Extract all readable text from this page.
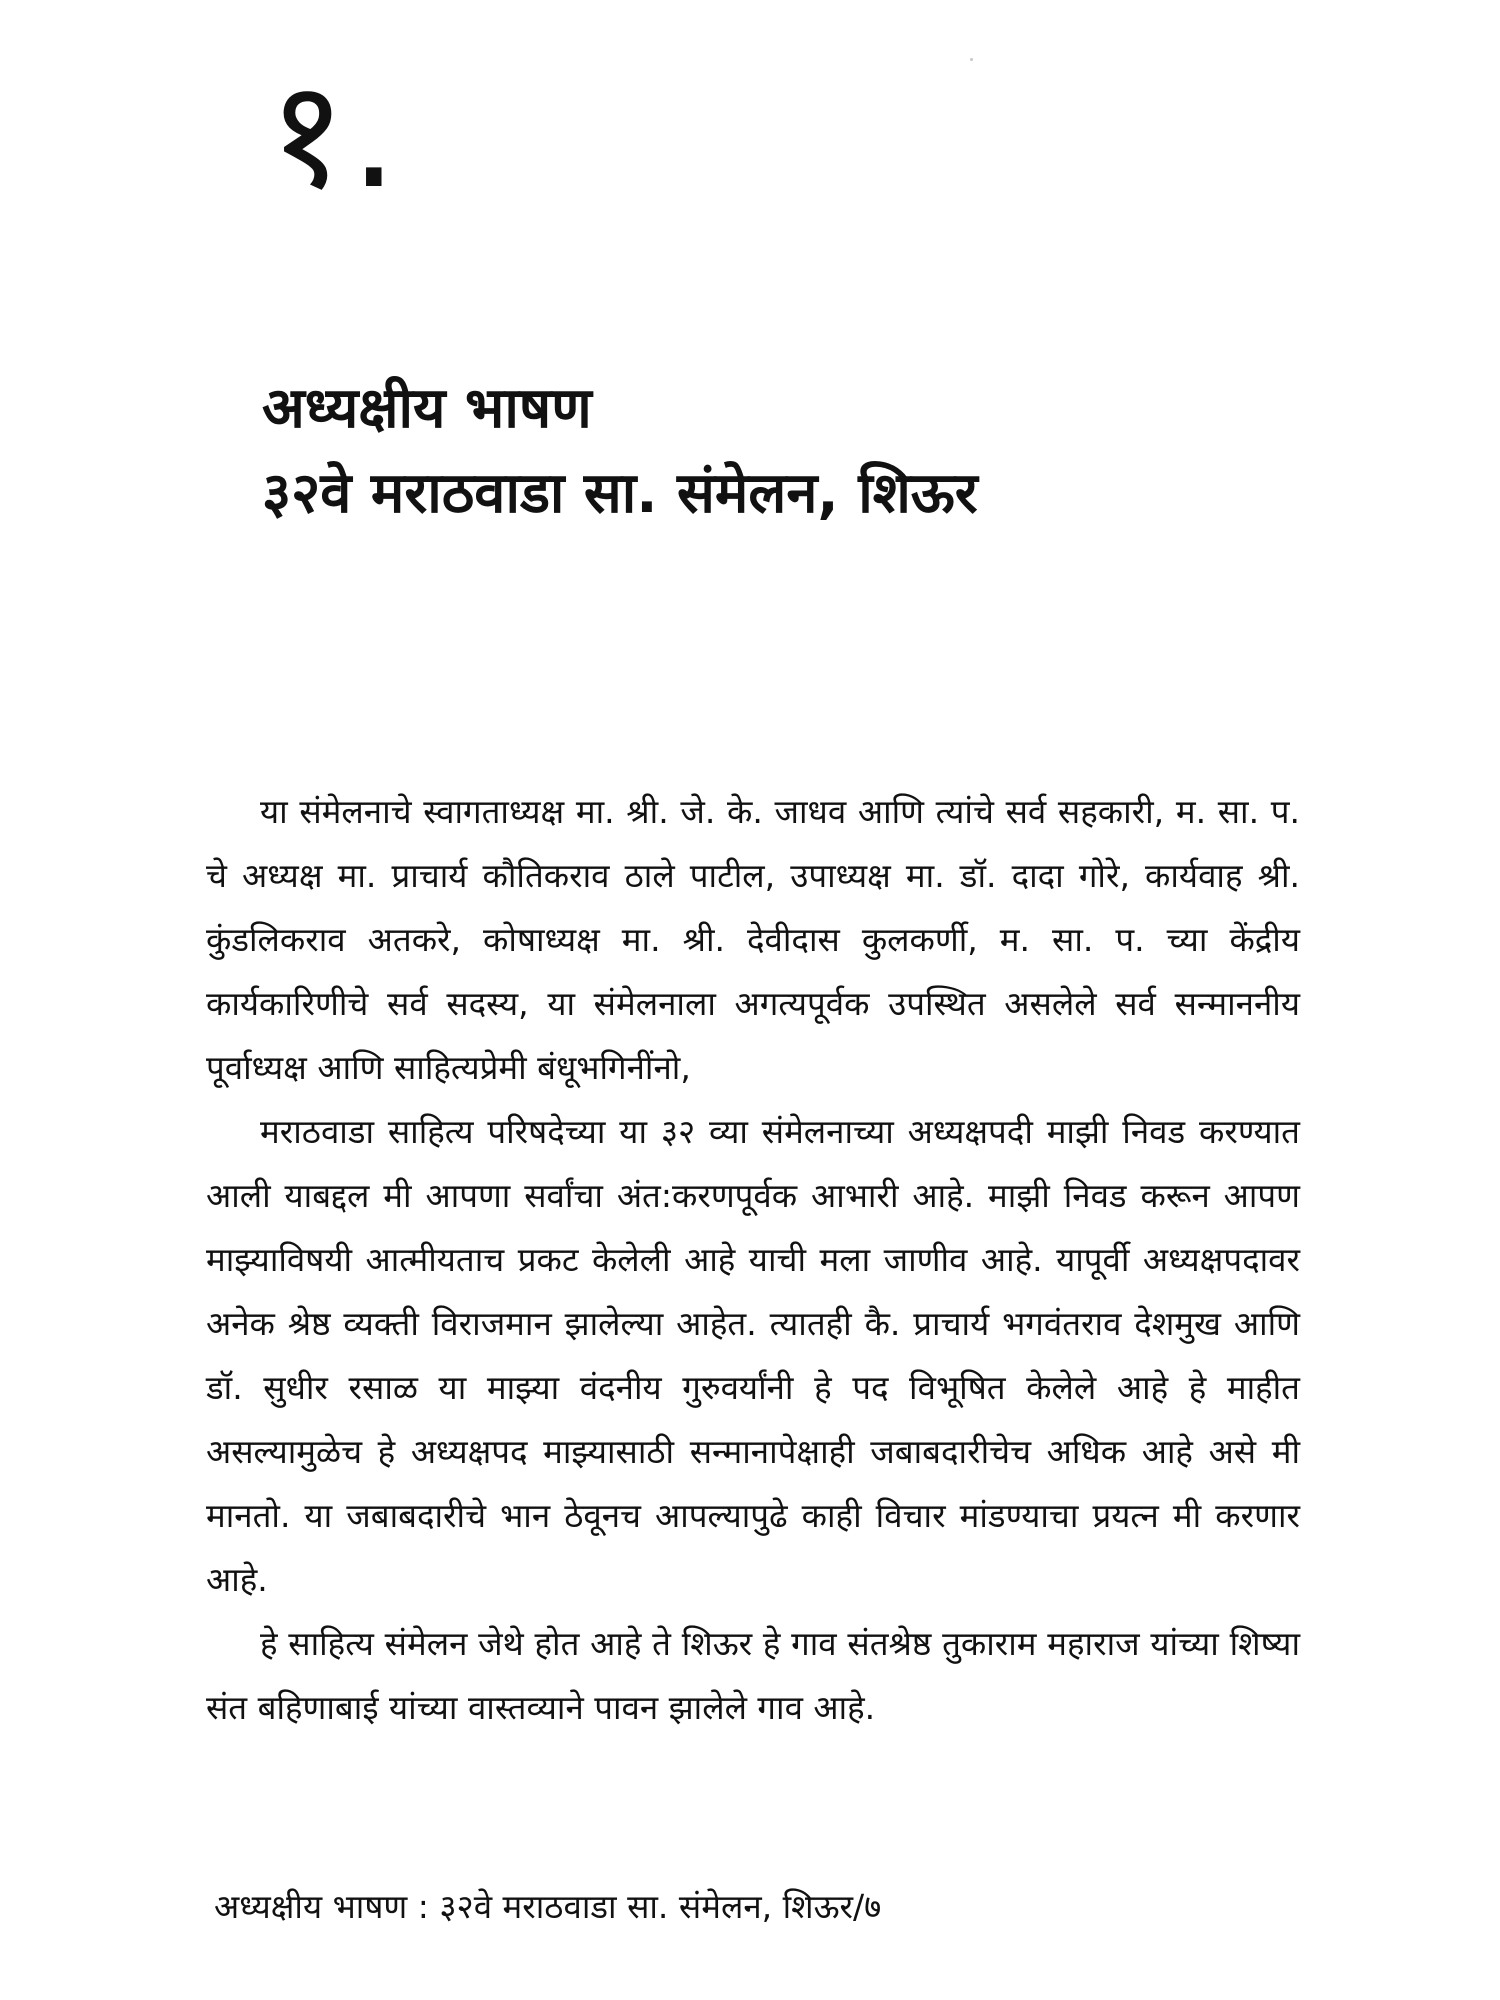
१.
अध्यक्षीय भाषण
३२वे मराठवाडा सा. संमेलन, शिऊर

या संमेलनाचे स्वागताध्यक्ष मा. श्री. जे. के. जाधव आणि त्यांचे सर्व सहकारी, म. सा. प. चे अध्यक्ष मा. प्राचार्य कौतिकराव ठाले पाटील, उपाध्यक्ष मा. डॉ. दादा गोरे, कार्यवाह श्री. कुंडलिकराव अतकरे, कोषाध्यक्ष मा. श्री. देवीदास कुलकर्णी, म. सा. प. च्या केंद्रीय कार्यकारिणीचे सर्व सदस्य, या संमेलनाला अगत्यपूर्वक उपस्थित असलेले सर्व सन्माननीय पूर्वाध्यक्ष आणि साहित्यप्रेमी बंधूभगिनींनो,

मराठवाडा साहित्य परिषदेच्या या ३२ व्या संमेलनाच्या अध्यक्षपदी माझी निवड करण्यात आली याबद्दल मी आपणा सर्वांचा अंत:करणपूर्वक आभारी आहे. माझी निवड करून आपण माझ्याविषयी आत्मीयताच प्रकट केलेली आहे याची मला जाणीव आहे. यापूर्वी अध्यक्षपदावर अनेक श्रेष्ठ व्यक्ती विराजमान झालेल्या आहेत. त्यातही कै. प्राचार्य भगवंतराव देशमुख आणि डॉ. सुधीर रसाळ या माझ्या वंदनीय गुरुवर्यांनी हे पद विभूषित केलेले आहे हे माहीत असल्यामुळेच हे अध्यक्षपद माझ्यासाठी सन्मानापेक्षाही जबाबदारीचेच अधिक आहे असे मी मानतो. या जबाबदारीचे भान ठेवूनच आपल्यापुढे काही विचार मांडण्याचा प्रयत्न मी करणार आहे.

हे साहित्य संमेलन जेथे होत आहे ते शिऊर हे गाव संतश्रेष्ठ तुकाराम महाराज यांच्या शिष्या संत बहिणाबाई यांच्या वास्तव्याने पावन झालेले गाव आहे.

अध्यक्षीय भाषण : ३२वे मराठवाडा सा. संमेलन, शिऊर/७
